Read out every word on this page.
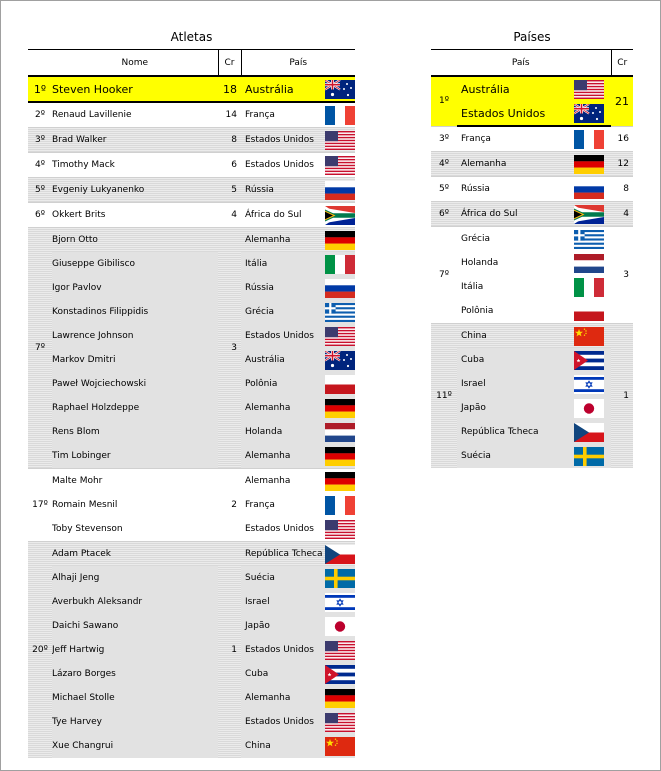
Atletas
	Nome	Cr	País	
1º	Steven Hooker	18	Austrália	

2º	Renaud Lavillenie	14	França	

3º	Brad Walker	8	Estados Unidos	

4º	Timothy Mack	6	Estados Unidos	

5º	Evgeniy Lukyanenko	5	Rússia	

6º	Okkert Brits	4	África do Sul	

7º	Bjorn Otto	3	Alemanha	

	Giuseppe Gibilisco		Itália	

	Igor Pavlov		Rússia	

	Konstadinos Filippidis		Grécia	

	Lawrence Johnson		Estados Unidos	

	Markov Dmitri		Austrália	

	Paweł Wojciechowski		Polônia	

	Raphael Holzdeppe		Alemanha	

	Rens Blom		Holanda	

	Tim Lobinger		Alemanha	

17º	Malte Mohr	2	Alemanha	

	Romain Mesnil		França	

	Toby Stevenson		Estados Unidos	

20º	Adam Ptacek	1	República Tcheca	

	Alhaji Jeng		Suécia	

	Averbukh Aleksandr		Israel	

	Daichi Sawano		Japão	

	Jeff Hartwig		Estados Unidos	

	Lázaro Borges		Cuba	

	Michael Stolle		Alemanha	

	Tye Harvey		Estados Unidos	

	Xue Changrui		China	
Países
País			Cr
1º	Austrália		21
	Estados Unidos	

3º	França		16
4º	Alemanha		12
5º	Rússia		8
6º	África do Sul		4
7º	Grécia		3
	Holanda	

	Itália	

	Polônia	

11º	China		1
	Cuba	

	Israel	

	Japão	

	República Tcheca	

	Suécia	
